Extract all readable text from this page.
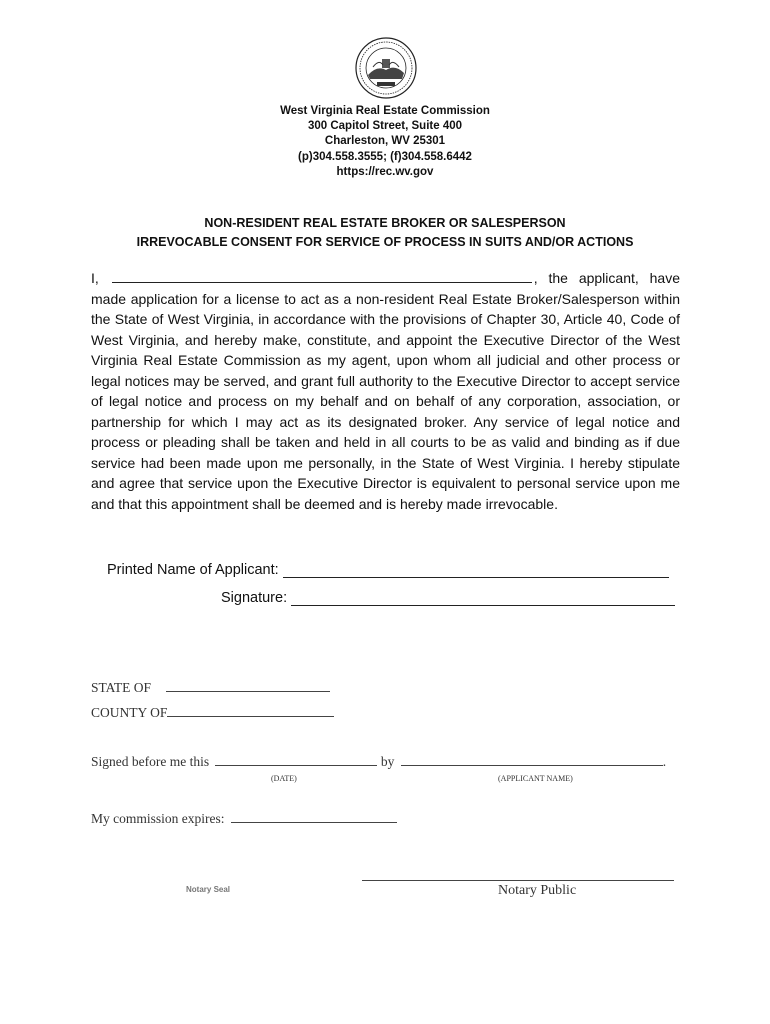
West Virginia Real Estate Commission
300 Capitol Street, Suite 400
Charleston, WV 25301
(p)304.558.3555; (f)304.558.6442
https://rec.wv.gov
NON-RESIDENT REAL ESTATE BROKER OR SALESPERSON
IRREVOCABLE CONSENT FOR SERVICE OF PROCESS IN SUITS AND/OR ACTIONS
I,	, the applicant, have made application for a license to act as a non-resident Real Estate Broker/Salesperson within the State of West Virginia, in accordance with the provisions of Chapter 30, Article 40, Code of West Virginia, and hereby make, constitute, and appoint the Executive Director of the West Virginia Real Estate Commission as my agent, upon whom all judicial and other process or legal notices may be served, and grant full authority to the Executive Director to accept service of legal notice and process on my behalf and on behalf of any corporation, association, or partnership for which I may act as its designated broker. Any service of legal notice and process or pleading shall be taken and held in all courts to be as valid and binding as if due service had been made upon me personally, in the State of West Virginia. I hereby stipulate and agree that service upon the Executive Director is equivalent to personal service upon me and that this appointment shall be deemed and is hereby made irrevocable.
Printed Name of Applicant:
Signature:
STATE OF
COUNTY OF
Signed before me this	by	.
(DATE)	(APPLICANT NAME)
My commission expires:
Notary Seal	Notary Public
